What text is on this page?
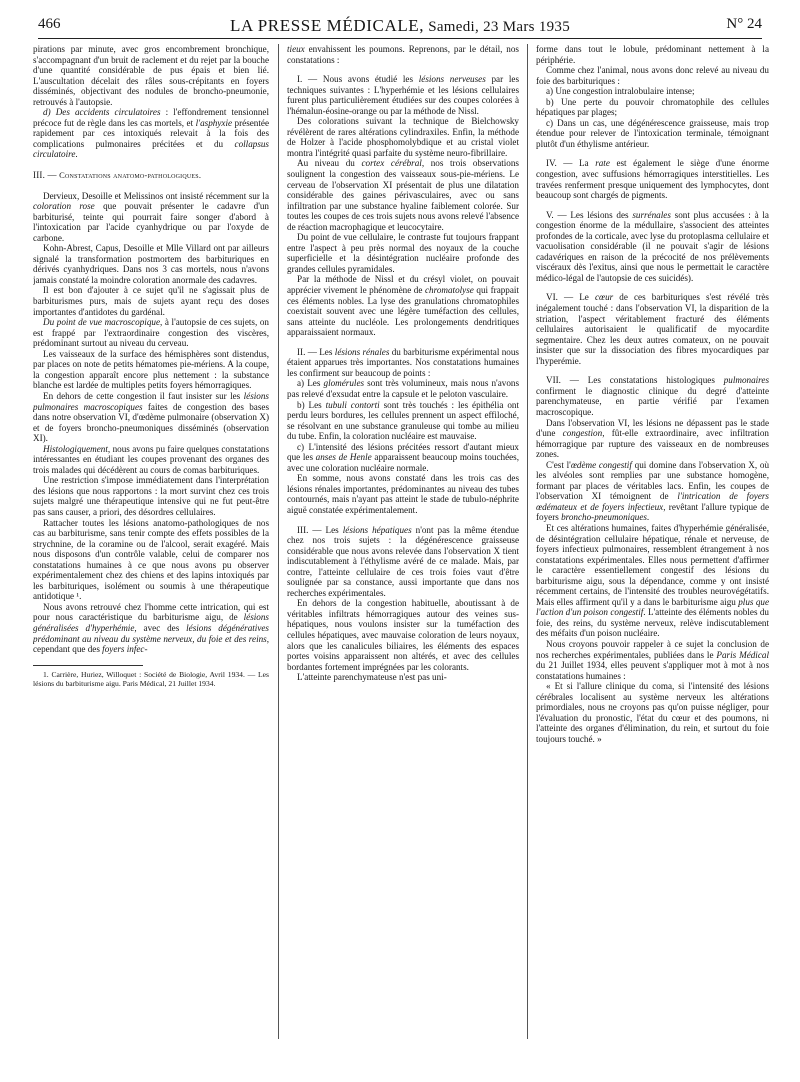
466	LA PRESSE MÉDICALE, Samedi, 23 Mars 1935	N° 24

pirations par minute, avec gros encombrement bronchique, s'accompagnant d'un bruit de raclement et du rejet par la bouche d'une quantité considérable de pus épais et bien lié. L'auscultation décelait des râles sous-crépitants en foyers disséminés, objectivant des nodules de broncho-pneumonie, retrouvés à l'autopsie.

d) Des accidents circulatoires : l'effondrement tensionnel précoce fut de règle dans les cas mortels, et l'asphyxie présentée rapidement par ces intoxiqués relevait à la fois des complications pulmonaires précitées et du collapsus circulatoire.

III. — Constatations anatomo-pathologiques.

Dervieux, Desoille et Melissinos ont insisté récemment sur la coloration rose que pouvait présenter le cadavre d'un barbiturisé, teinte qui pourrait faire songer d'abord à l'intoxication par l'acide cyanhydrique ou par l'oxyde de carbone.

Kohn-Abrest, Capus, Desoille et Mlle Villard ont par ailleurs signalé la transformation postmortem des barbituriques en dérivés cyanhydriques. Dans nos 3 cas mortels, nous n'avons jamais constaté la moindre coloration anormale des cadavres.

Il est bon d'ajouter à ce sujet qu'il ne s'agissait plus de barbiturismes purs, mais de sujets ayant reçu des doses importantes d'antidotes du gardénal.

Du point de vue macroscopique, à l'autopsie de ces sujets, on est frappé par l'extraordinaire congestion des viscères, prédominant surtout au niveau du cerveau.

Les vaisseaux de la surface des hémisphères sont distendus, par places on note de petits hématomes pie-mériens. A la coupe, la congestion apparaît encore plus nettement : la substance blanche est lardée de multiples petits foyers hémorragiques.

En dehors de cette congestion il faut insister sur les lésions pulmonaires macroscopiques faites de congestion des bases dans notre observation VI, d'œdème pulmonaire (observation X) et de foyers broncho-pneumoniques disséminés (observation XI).

Histologiquement, nous avons pu faire quelques constatations intéressantes en étudiant les coupes provenant des organes des trois malades qui décédèrent au cours de comas barbituriques.

Une restriction s'impose immédiatement dans l'interprétation des lésions que nous rapportons : la mort survint chez ces trois sujets malgré une thérapeutique intensive qui ne fut peut-être pas sans causer, a priori, des désordres cellulaires.

Rattacher toutes les lésions anatomo-pathologiques de nos cas au barbiturisme, sans tenir compte des effets possibles de la strychnine, de la coramine ou de l'alcool, serait exagéré. Mais nous disposons d'un contrôle valable, celui de comparer nos constatations humaines à ce que nous avons pu observer expérimentalement chez des chiens et des lapins intoxiqués par les barbituriques, isolément ou soumis à une thérapeutique antidotique ¹.

Nous avons retrouvé chez l'homme cette intrication, qui est pour nous caractéristique du barbiturisme aigu, de lésions généralisées d'hyperhémie, avec des lésions dégénératives prédominant au niveau du système nerveux, du foie et des reins, cependant que des foyers infec-

1. Carrière, Huriez, Willoquet : Société de Biologie, Avril 1934. — Les lésions du barbiturisme aigu. Paris Médical, 21 Juillet 1934.

tieux envahissent les poumons. Reprenons, par le détail, nos constatations :

I. — Nous avons étudié les lésions nerveuses par les techniques suivantes : L'hyperhémie et les lésions cellulaires furent plus particulièrement étudiées sur des coupes colorées à l'hémalun-éosine-orange ou par la méthode de Nissl.

Des colorations suivant la technique de Bielchowsky révélèrent de rares altérations cylindraxiles. Enfin, la méthode de Holzer à l'acide phosphomolybdique et au cristal violet montra l'intégrité quasi parfaite du système neuro-fibrillaire.

Au niveau du cortex cérébral, nos trois observations soulignent la congestion des vaisseaux sous-pie-mériens. Le cerveau de l'observation XI présentait de plus une dilatation considérable des gaines périvasculaires, avec ou sans infiltration par une substance hyaline faiblement colorée. Sur toutes les coupes de ces trois sujets nous avons relevé l'absence de réaction macrophagique et leucocytaire.

Du point de vue cellulaire, le contraste fut toujours frappant entre l'aspect à peu près normal des noyaux de la couche superficielle et la désintégration nucléaire profonde des grandes cellules pyramidales.

Par la méthode de Nissl et du crésyl violet, on pouvait apprécier vivement le phénomène de chromatolyse qui frappait ces éléments nobles. La lyse des granulations chromatophiles coexistait souvent avec une légère tuméfaction des cellules, sans atteinte du nucléole. Les prolongements dendritiques apparaissaient normaux.

II. — Les lésions rénales du barbiturisme expérimental nous étaient apparues très importantes. Nos constatations humaines les confirment sur beaucoup de points :

a) Les glomérules sont très volumineux, mais nous n'avons pas relevé d'exsudat entre la capsule et le peloton vasculaire.

b) Les tubuli contorti sont très touchés : les épithélia ont perdu leurs bordures, les cellules prennent un aspect effiloché, se résolvant en une substance granuleuse qui tombe au milieu du tube. Enfin, la coloration nucléaire est mauvaise.

c) L'intensité des lésions précitées ressort d'autant mieux que les anses de Henle apparaissent beaucoup moins touchées, avec une coloration nucléaire normale.

En somme, nous avons constaté dans les trois cas des lésions rénales importantes, prédominantes au niveau des tubes contournés, mais n'ayant pas atteint le stade de tubulo-néphrite aiguë constatée expérimentalement.

III. — Les lésions hépatiques n'ont pas la même étendue chez nos trois sujets : la dégénérescence graisseuse considérable que nous avons relevée dans l'observation X tient indiscutablement à l'éthylisme avéré de ce malade. Mais, par contre, l'atteinte cellulaire de ces trois foies vaut d'être soulignée par sa constance, aussi importante que dans nos recherches expérimentales.

En dehors de la congestion habituelle, aboutissant à de véritables infiltrats hémorragiques autour des veines sus-hépatiques, nous voulons insister sur la tuméfaction des cellules hépatiques, avec mauvaise coloration de leurs noyaux, alors que les canalicules biliaires, les éléments des espaces portes voisins apparaissent non altérés, et avec des cellules bordantes fortement imprégnées par les colorants.

L'atteinte parenchymateuse n'est pas uni-

forme dans tout le lobule, prédominant nettement à la périphérie.

Comme chez l'animal, nous avons donc relevé au niveau du foie des barbituriques :

a) Une congestion intralobulaire intense;

b) Une perte du pouvoir chromatophile des cellules hépatiques par plages;

c) Dans un cas, une dégénérescence graisseuse, mais trop étendue pour relever de l'intoxication terminale, témoignant plutôt d'un éthylisme antérieur.

IV. — La rate est également le siège d'une énorme congestion, avec suffusions hémorragiques interstitielles. Les travées renferment presque uniquement des lymphocytes, dont beaucoup sont chargés de pigments.

V. — Les lésions des surrénales sont plus accusées : à la congestion énorme de la médullaire, s'associent des atteintes profondes de la corticale, avec lyse du protoplasma cellulaire et vacuolisation considérable (il ne pouvait s'agir de lésions cadavériques en raison de la précocité de nos prélèvements viscéraux dès l'exitus, ainsi que nous le permettait le caractère médico-légal de l'autopsie de ces suicidés).

VI. — Le cœur de ces barbituriques s'est révélé très inégalement touché : dans l'observation VI, la disparition de la striation, l'aspect véritablement fracturé des éléments cellulaires autorisaient le qualificatif de myocardite segmentaire. Chez les deux autres comateux, on ne pouvait insister que sur la dissociation des fibres myocardiques par l'hyperémie.

VII. — Les constatations histologiques pulmonaires confirment le diagnostic clinique du degré d'atteinte parenchymateuse, en partie vérifié par l'examen macroscopique.

Dans l'observation VI, les lésions ne dépassent pas le stade d'une congestion, fût-elle extraordinaire, avec infiltration hémorragique par rupture des vaisseaux en de nombreuses zones.

C'est l'œdème congestif qui domine dans l'observation X, où les alvéoles sont remplies par une substance homogène, formant par places de véritables lacs. Enfin, les coupes de l'observation XI témoignent de l'intrication de foyers œdémateux et de foyers infectieux, revêtant l'allure typique de foyers broncho-pneumoniques.

Et ces altérations humaines, faites d'hyperhémie généralisée, de désintégration cellulaire hépatique, rénale et nerveuse, de foyers infectieux pulmonaires, ressemblent étrangement à nos constatations expérimentales. Elles nous permettent d'affirmer le caractère essentiellement congestif des lésions du barbiturisme aigu, sous la dépendance, comme y ont insisté récemment certains, de l'intensité des troubles neurovégétatifs. Mais elles affirment qu'il y a dans le barbiturisme aigu plus que l'action d'un poison congestif. L'atteinte des éléments nobles du foie, des reins, du système nerveux, relève indiscutablement des méfaits d'un poison nucléaire.

Nous croyons pouvoir rappeler à ce sujet la conclusion de nos recherches expérimentales, publiées dans le Paris Médical du 21 Juillet 1934, elles peuvent s'appliquer mot à mot à nos constatations humaines :

« Et si l'allure clinique du coma, si l'intensité des lésions cérébrales localisent au système nerveux les altérations primordiales, nous ne croyons pas qu'on puisse négliger, pour l'évaluation du pronostic, l'état du cœur et des poumons, ni l'atteinte des organes d'élimination, du rein, et surtout du foie toujours touché. »
